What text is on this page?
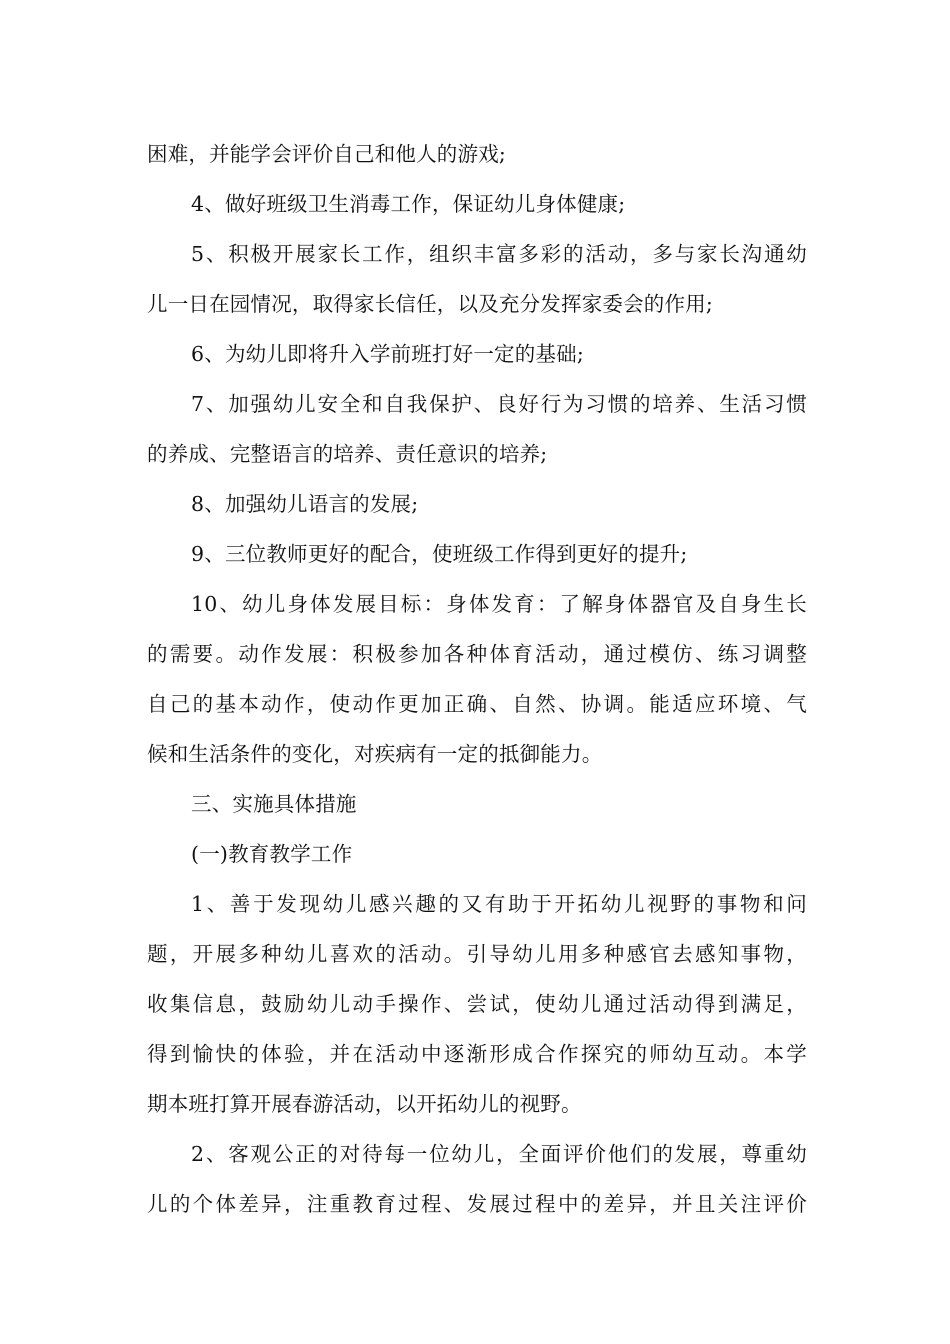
困难，并能学会评价自己和他人的游戏;
4、做好班级卫生消毒工作，保证幼儿身体健康;
5、积极开展家长工作，组织丰富多彩的活动，多与家长沟通幼
儿一日在园情况，取得家长信任，以及充分发挥家委会的作用;
6、为幼儿即将升入学前班打好一定的基础;
7、加强幼儿安全和自我保护、良好行为习惯的培养、生活习惯
的养成、完整语言的培养、责任意识的培养;
8、加强幼儿语言的发展;
9、三位教师更好的配合，使班级工作得到更好的提升;
10、幼儿身体发展目标：身体发育：了解身体器官及自身生长
的需要。动作发展：积极参加各种体育活动，通过模仿、练习调整
自己的基本动作，使动作更加正确、自然、协调。能适应环境、气
候和生活条件的变化，对疾病有一定的抵御能力。
三、实施具体措施
(一)教育教学工作
1、善于发现幼儿感兴趣的又有助于开拓幼儿视野的事物和问
题，开展多种幼儿喜欢的活动。引导幼儿用多种感官去感知事物，
收集信息，鼓励幼儿动手操作、尝试，使幼儿通过活动得到满足，
得到愉快的体验，并在活动中逐渐形成合作探究的师幼互动。本学
期本班打算开展春游活动，以开拓幼儿的视野。
2、客观公正的对待每一位幼儿，全面评价他们的发展，尊重幼
儿的个体差异，注重教育过程、发展过程中的差异，并且关注评价
